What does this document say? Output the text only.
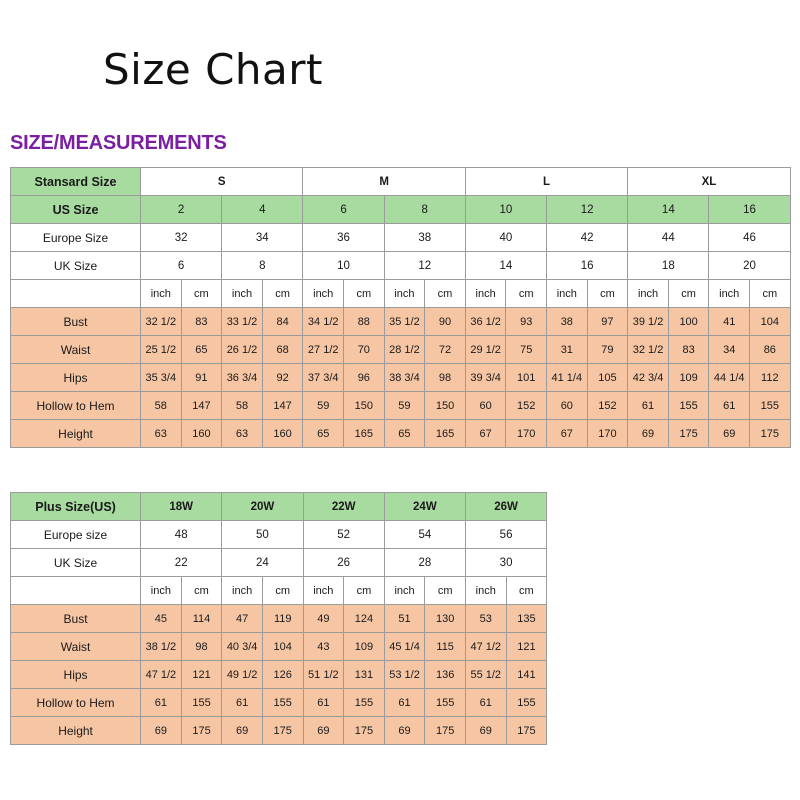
Size Chart
SIZE/MEASUREMENTS
Stansard Size	S				M				L				XL			
US Size	2		4		6		8		10		12		14		16	
Europe Size	32		34		36		38		40		42		44		46	
UK Size	6		8		10		12		14		16		18		20	
	inch	cm	inch	cm	inch	cm	inch	cm	inch	cm	inch	cm	inch	cm	inch	cm
Bust	32 1/2	83	33 1/2	84	34 1/2	88	35 1/2	90	36 1/2	93	38	97	39 1/2	100	41	104
Waist	25 1/2	65	26 1/2	68	27 1/2	70	28 1/2	72	29 1/2	75	31	79	32 1/2	83	34	86
Hips	35 3/4	91	36 3/4	92	37 3/4	96	38 3/4	98	39 3/4	101	41 1/4	105	42 3/4	109	44 1/4	112
Hollow to Hem	58	147	58	147	59	150	59	150	60	152	60	152	61	155	61	155
Height	63	160	63	160	65	165	65	165	67	170	67	170	69	175	69	175
Plus Size(US)	18W		20W		22W		24W		26W		
Europe size	48		50		52		54		56		
UK Size	22		24		26		28		30		
	inch	cm	inch	cm	inch	cm	inch	cm	inch	cm	
Bust	45	114	47	119	49	124	51	130	53	135	
Waist	38 1/2	98	40 3/4	104	43	109	45 1/4	115	47 1/2	121	
Hips	47 1/2	121	49 1/2	126	51 1/2	131	53 1/2	136	55 1/2	141	
Hollow to Hem	61	155	61	155	61	155	61	155	61	155	
Height	69	175	69	175	69	175	69	175	69	175	
